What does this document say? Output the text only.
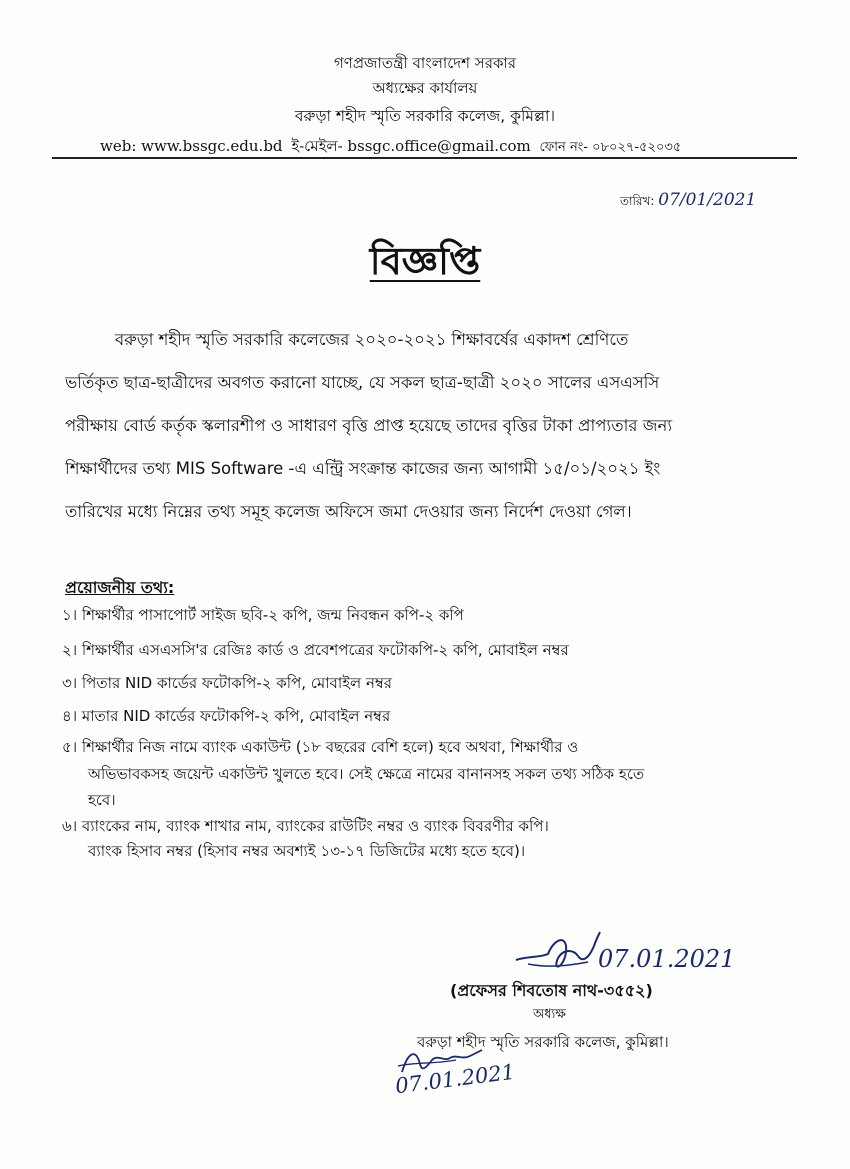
গণপ্রজাতন্ত্রী বাংলাদেশ সরকার
অধ্যক্ষের কার্যালয়
বরুড়া শহীদ স্মৃতি সরকারি কলেজ, কুমিল্লা।
web: www.bssgc.edu.bd ই-মেইল- bssgc.office@gmail.com ফোন নং- ০৮০২৭-৫২০৩৫
তারিখ: 07/01/2021
বিজ্ঞপ্তি
বরুড়া শহীদ স্মৃতি সরকারি কলেজের ২০২০-২০২১ শিক্ষাবর্ষের একাদশ শ্রেণিতে
ভর্তিকৃত ছাত্র-ছাত্রীদের অবগত করানো যাচ্ছে, যে সকল ছাত্র-ছাত্রী ২০২০ সালের এসএসসি
পরীক্ষায় বোর্ড কর্তৃক স্কলারশীপ ও সাধারণ বৃত্তি প্রাপ্ত হয়েছে তাদের বৃত্তির টাকা প্রাপ্যতার জন্য
শিক্ষার্থীদের তথ্য MIS Software -এ এন্ট্রি সংক্রান্ত কাজের জন্য আগামী ১৫/০১/২০২১ ইং
তারিখের মধ্যে নিম্নের তথ্য সমূহ কলেজ অফিসে জমা দেওয়ার জন্য নির্দেশ দেওয়া গেল।
প্রয়োজনীয় তথ্য:
১। শিক্ষার্থীর পাসাপোর্ট সাইজ ছবি-২ কপি, জন্ম নিবন্ধন কপি-২ কপি
২। শিক্ষার্থীর এসএসসি'র রেজিঃ কার্ড ও প্রবেশপত্রের ফটোকপি-২ কপি, মোবাইল নম্বর
৩। পিতার NID কার্ডের ফটোকপি-২ কপি, মোবাইল নম্বর
৪। মাতার NID কার্ডের ফটোকপি-২ কপি, মোবাইল নম্বর
৫। শিক্ষার্থীর নিজ নামে ব্যাংক একাউন্ট (১৮ বছরের বেশি হলে) হবে অথবা, শিক্ষার্থীর ও
অভিভাবকসহ জয়েন্ট একাউন্ট খুলতে হবে। সেই ক্ষেত্রে নামের বানানসহ সকল তথ্য সঠিক হতে
হবে।
৬। ব্যাংকের নাম, ব্যাংক শাখার নাম, ব্যাংকের রাউটিং নম্বর ও ব্যাংক বিবরণীর কপি।
ব্যাংক হিসাব নম্বর (হিসাব নম্বর অবশ্যই ১৩-১৭ ডিজিটের মধ্যে হতে হবে)।
07.01.2021
(প্রফেসর শিবতোষ নাথ-৩৫৫২)
অধ্যক্ষ
বরুড়া শহীদ স্মৃতি সরকারি কলেজ, কুমিল্লা।
07.01.2021
